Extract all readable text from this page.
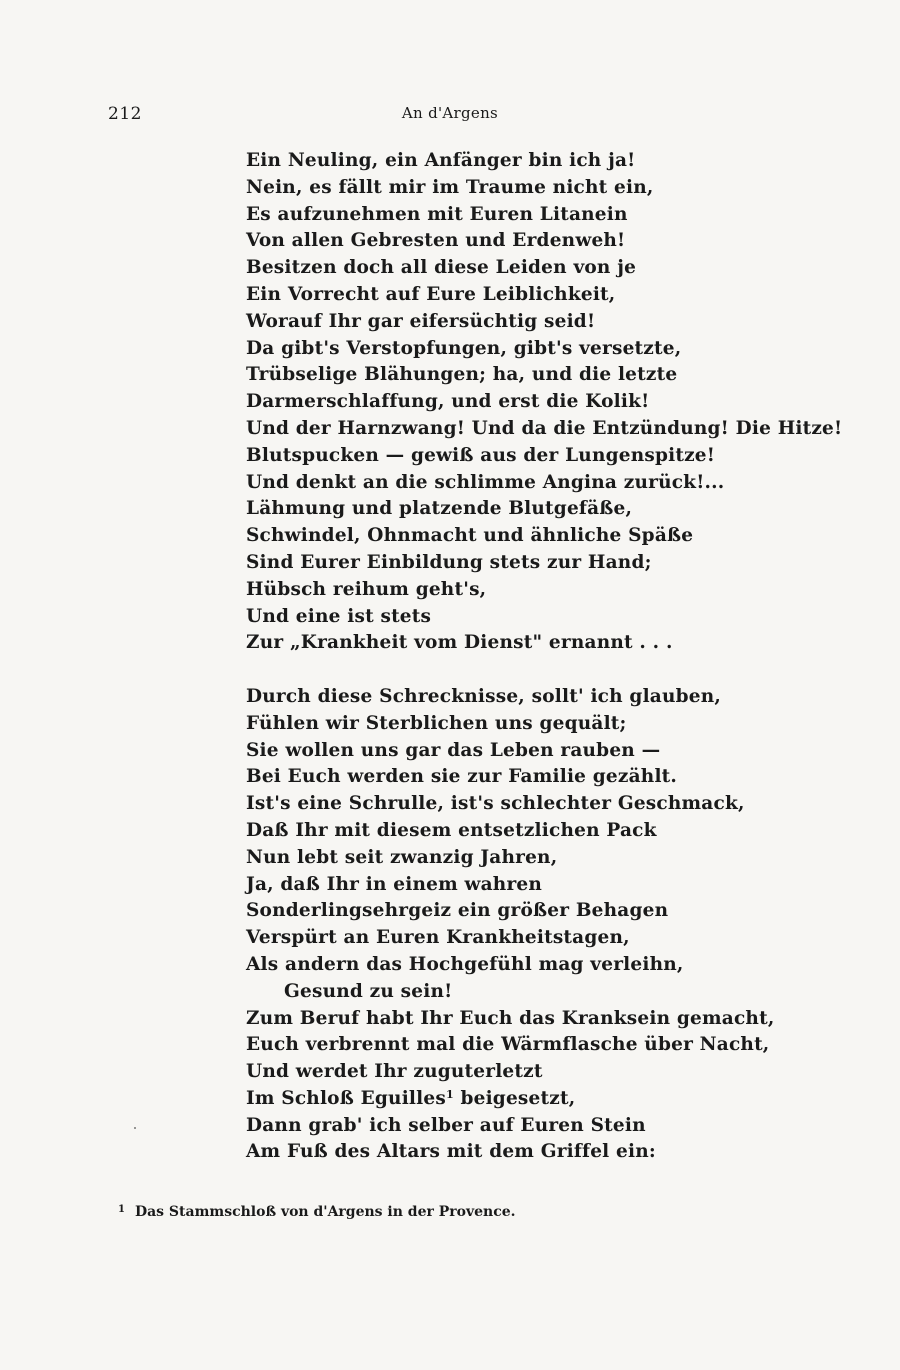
212	An d'Argens
Ein Neuling, ein Anfänger bin ich ja!
Nein, es fällt mir im Traume nicht ein,
Es aufzunehmen mit Euren Litanein
Von allen Gebresten und Erdenweh!
Besitzen doch all diese Leiden von je
Ein Vorrecht auf Eure Leiblichkeit,
Worauf Ihr gar eifersüchtig seid!
Da gibt's Verstopfungen, gibt's versetzte,
Trübselige Blähungen; ha, und die letzte
Darmerschlaffung, und erst die Kolik!
Und der Harnzwang! Und da die Entzündung! Die Hitze!
Blutspucken — gewiß aus der Lungenspitze!
Und denkt an die schlimme Angina zurück!...
Lähmung und platzende Blutgefäße,
Schwindel, Ohnmacht und ähnliche Späße
Sind Eurer Einbildung stets zur Hand;
Hübsch reihum geht's,
Und eine ist stets
Zur „Krankheit vom Dienst" ernannt . . .
Durch diese Schrecknisse, sollt' ich glauben,
Fühlen wir Sterblichen uns gequält;
Sie wollen uns gar das Leben rauben —
Bei Euch werden sie zur Familie gezählt.
Ist's eine Schrulle, ist's schlechter Geschmack,
Daß Ihr mit diesem entsetzlichen Pack
Nun lebt seit zwanzig Jahren,
Ja, daß Ihr in einem wahren
Sonderlingsehrgeiz ein größer Behagen
Verspürt an Euren Krankheitstagen,
Als andern das Hochgefühl mag verleihn,
Gesund zu sein!
Zum Beruf habt Ihr Euch das Kranksein gemacht,
Euch verbrennt mal die Wärmflasche über Nacht,
Und werdet Ihr zuguterletzt
Im Schloß Eguilles$^1$ beigesetzt,
Dann grab' ich selber auf Euren Stein
Am Fuß des Altars mit dem Griffel ein:
$^1$ Das Stammschloß von d'Argens in der Provence.
